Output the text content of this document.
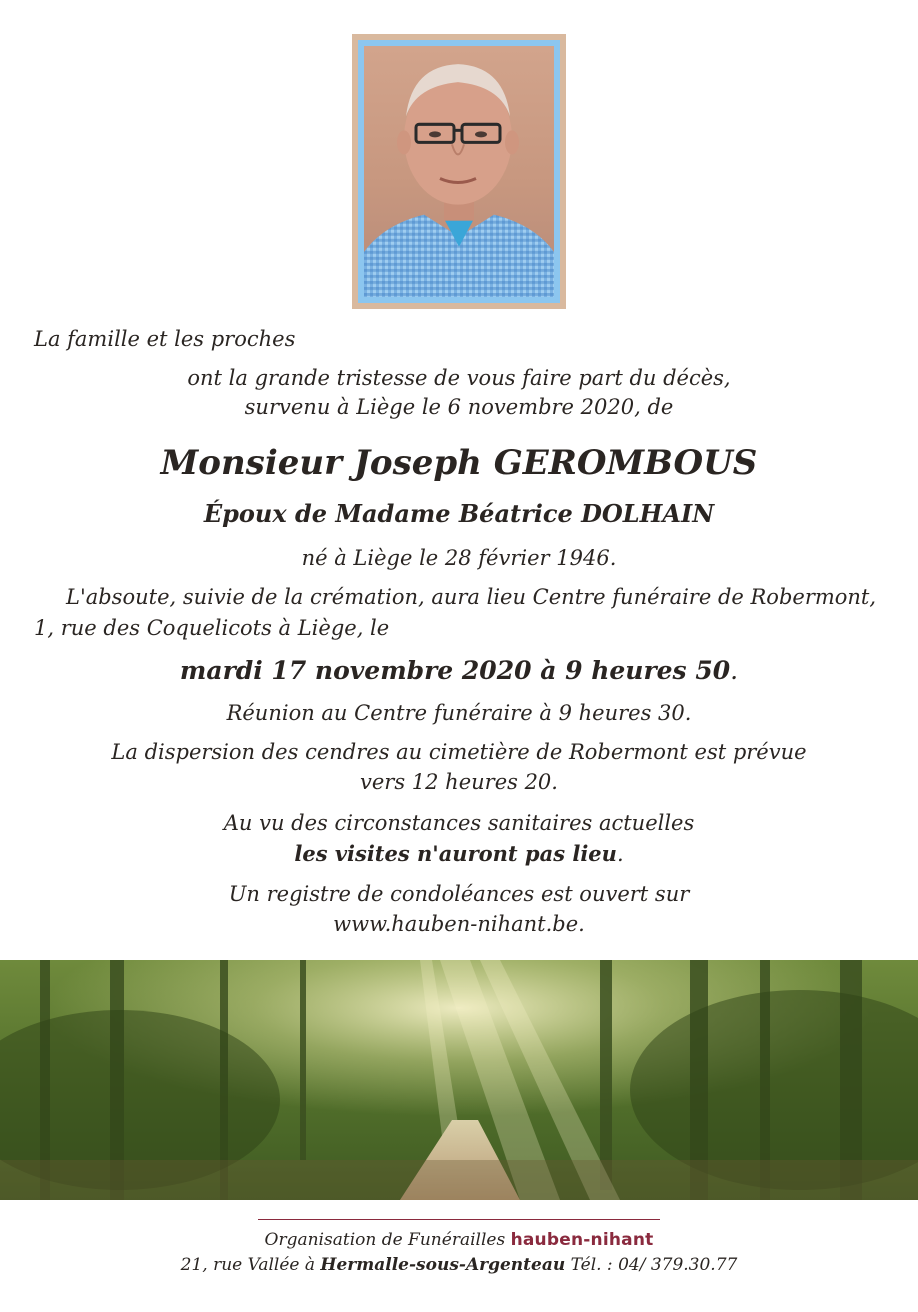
La famille et les proches
ont la grande tristesse de vous faire part du décès,
survenu à Liège le 6 novembre 2020, de
Monsieur Joseph GEROMBOUS
Époux de Madame Béatrice DOLHAIN
né à Liège le 28 février 1946.
L'absoute, suivie de la crémation, aura lieu Centre funéraire de Robermont,
1, rue des Coquelicots à Liège, le
mardi 17 novembre 2020 à 9 heures 50.
Réunion au Centre funéraire à 9 heures 30.
La dispersion des cendres au cimetière de Robermont est prévue
vers 12 heures 20.
Au vu des circonstances sanitaires actuelles
les visites n'auront pas lieu.
Un registre de condoléances est ouvert sur
www.hauben-nihant.be.
Organisation de Funérailles hauben-nihant
21, rue Vallée à Hermalle-sous-Argenteau Tél. : 04/ 379.30.77
